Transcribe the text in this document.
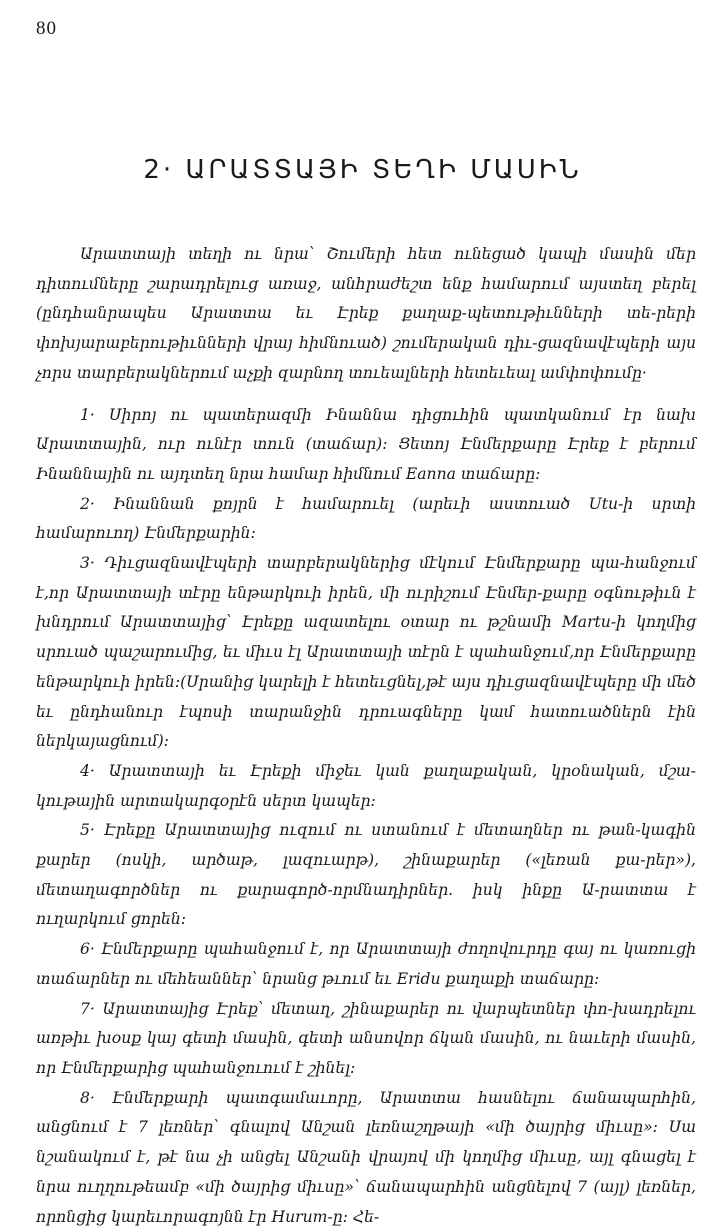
80
2· ԱՐԱՏՏԱՅԻ ՏԵՂԻ ՄԱՍԻՆ

Արատտայի տեղի ու նրա՝ Շումերի հետ ունեցած կապի մասին մեր դիտումները շարադրելուց առաջ, անհրաժեշտ ենք համարում այստեղ բերել (ընդհանրապես Արատտա եւ Էրեք քաղաք-պետութիւնների տե-րերի փոխյարաբերութիւնների վրայ հիմնուած) շումերական դիւ-ցազնավէպերի այս չորս տարբերակներում աչքի զարնող տուեալների հետեւեալ ամփոփումը·

1· Սիրոյ ու պատերազմի Ինաննա դիցուհին պատկանում էր նախ Արատտային, ուր ունէր տուն (տաճար)։ Ցետոյ Էնմերքարը Էրեք է բերում Ինաննային ու այդտեղ նրա համար հիմնում Eanna տաճարը։

2· Ինաննան քոյրն է համարուել (արեւի աստուած Utu-ի սրտի համարուող) Էնմերքարին։

3· Դիւցազնավէպերի տարբերակներից մէկում Էնմերքարը պա-հանջում է,որ Արատտայի տէրը ենթարկուի իրեն, մի ուրիշում Էնմեր-քարը օգնութիւն է խնդրում Արատտայից՝ Էրեքը ազատելու օտար ու թշնամի Martu-ի կողմից սրուած պաշարումից, եւ միւս էլ Արատտայի տէրն է պահանջում,որ Էնմերքարը ենթարկուի իրեն։(Սրանից կարելի է հետեւցնել,թէ այս դիւցազնավէպերը մի մեծ եւ ընդհանուր էպոսի տարանջին դրուագները կամ հատուածներն էին ներկայացնում)։

4· Արատտայի եւ Էրեքի միջեւ կան քաղաքական, կրօնական, մշա-կութային արտակարգօրէն սերտ կապեր։

5· Էրեքը Արատտայից ուզում ու ստանում է մետաղներ ու թան-կագին քարեր (ոսկի, արծաթ, լազուարթ), շինաքարեր («լեռան քա-րեր»), մետաղագործներ ու քարագործ-որմնադիրներ. իսկ ինքը Ա-րատտա է ուղարկում ցորեն։

6· Էնմերքարը պահանջում է, որ Արատտայի ժողովուրդը գայ ու կառուցի տաճարներ ու մեհեաններ՝ նրանց թւում եւ Eridu քաղաքի տաճարը։

7· Արատտայից Էրեք՝ մետաղ, շինաքարեր ու վարպետներ փո-խադրելու առթիւ խօսք կայ գետի մասին, գետի անսովոր ճկան մասին, ու նաւերի մասին, որ Էնմերքարից պահանջուում է շինել։

8· Էնմերքարի պատգամաւորը, Արատտա հասնելու ճանապարհին, անցնում է 7 լեռներ՝ գնալով Անշան լեռնաշղթայի «մի ծայրից միւսը»։ Սա նշանակում է, թէ նա չի անցել Անշանի վրայով մի կողմից միւսը, այլ գնացել է նրա ուղղութեամբ «մի ծայրից միւսը»՝ ճանապարհին անցնելով 7 (այլ) լեռներ, որոնցից կարեւորագոյնն էր Hurum-ը։ Հե-
